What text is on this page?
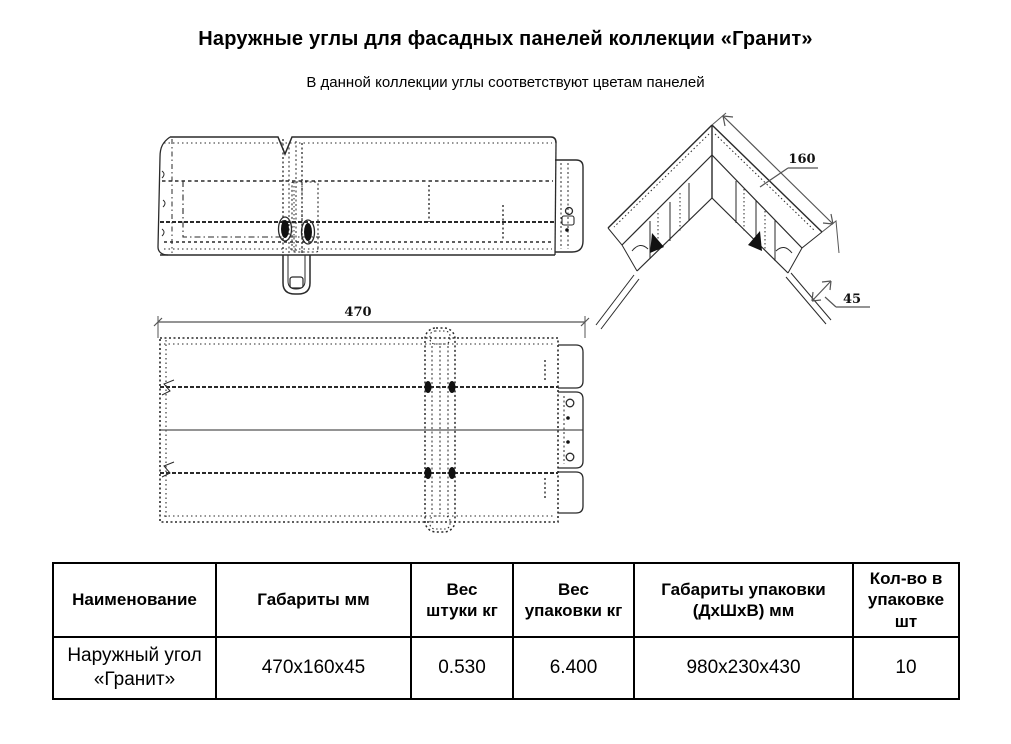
Наружные углы для фасадных панелей коллекции «Гранит»
В данной коллекции углы соответствуют цветам панелей
160
45
470
Наименование	Габариты мм	Вес штуки кг	Вес упаковки кг	Габариты упаковки (ДхШхВ) мм	Кол-во в упаковке шт
Наружный угол «Гранит»	470х160х45	0.530	6.400	980х230х430	10
